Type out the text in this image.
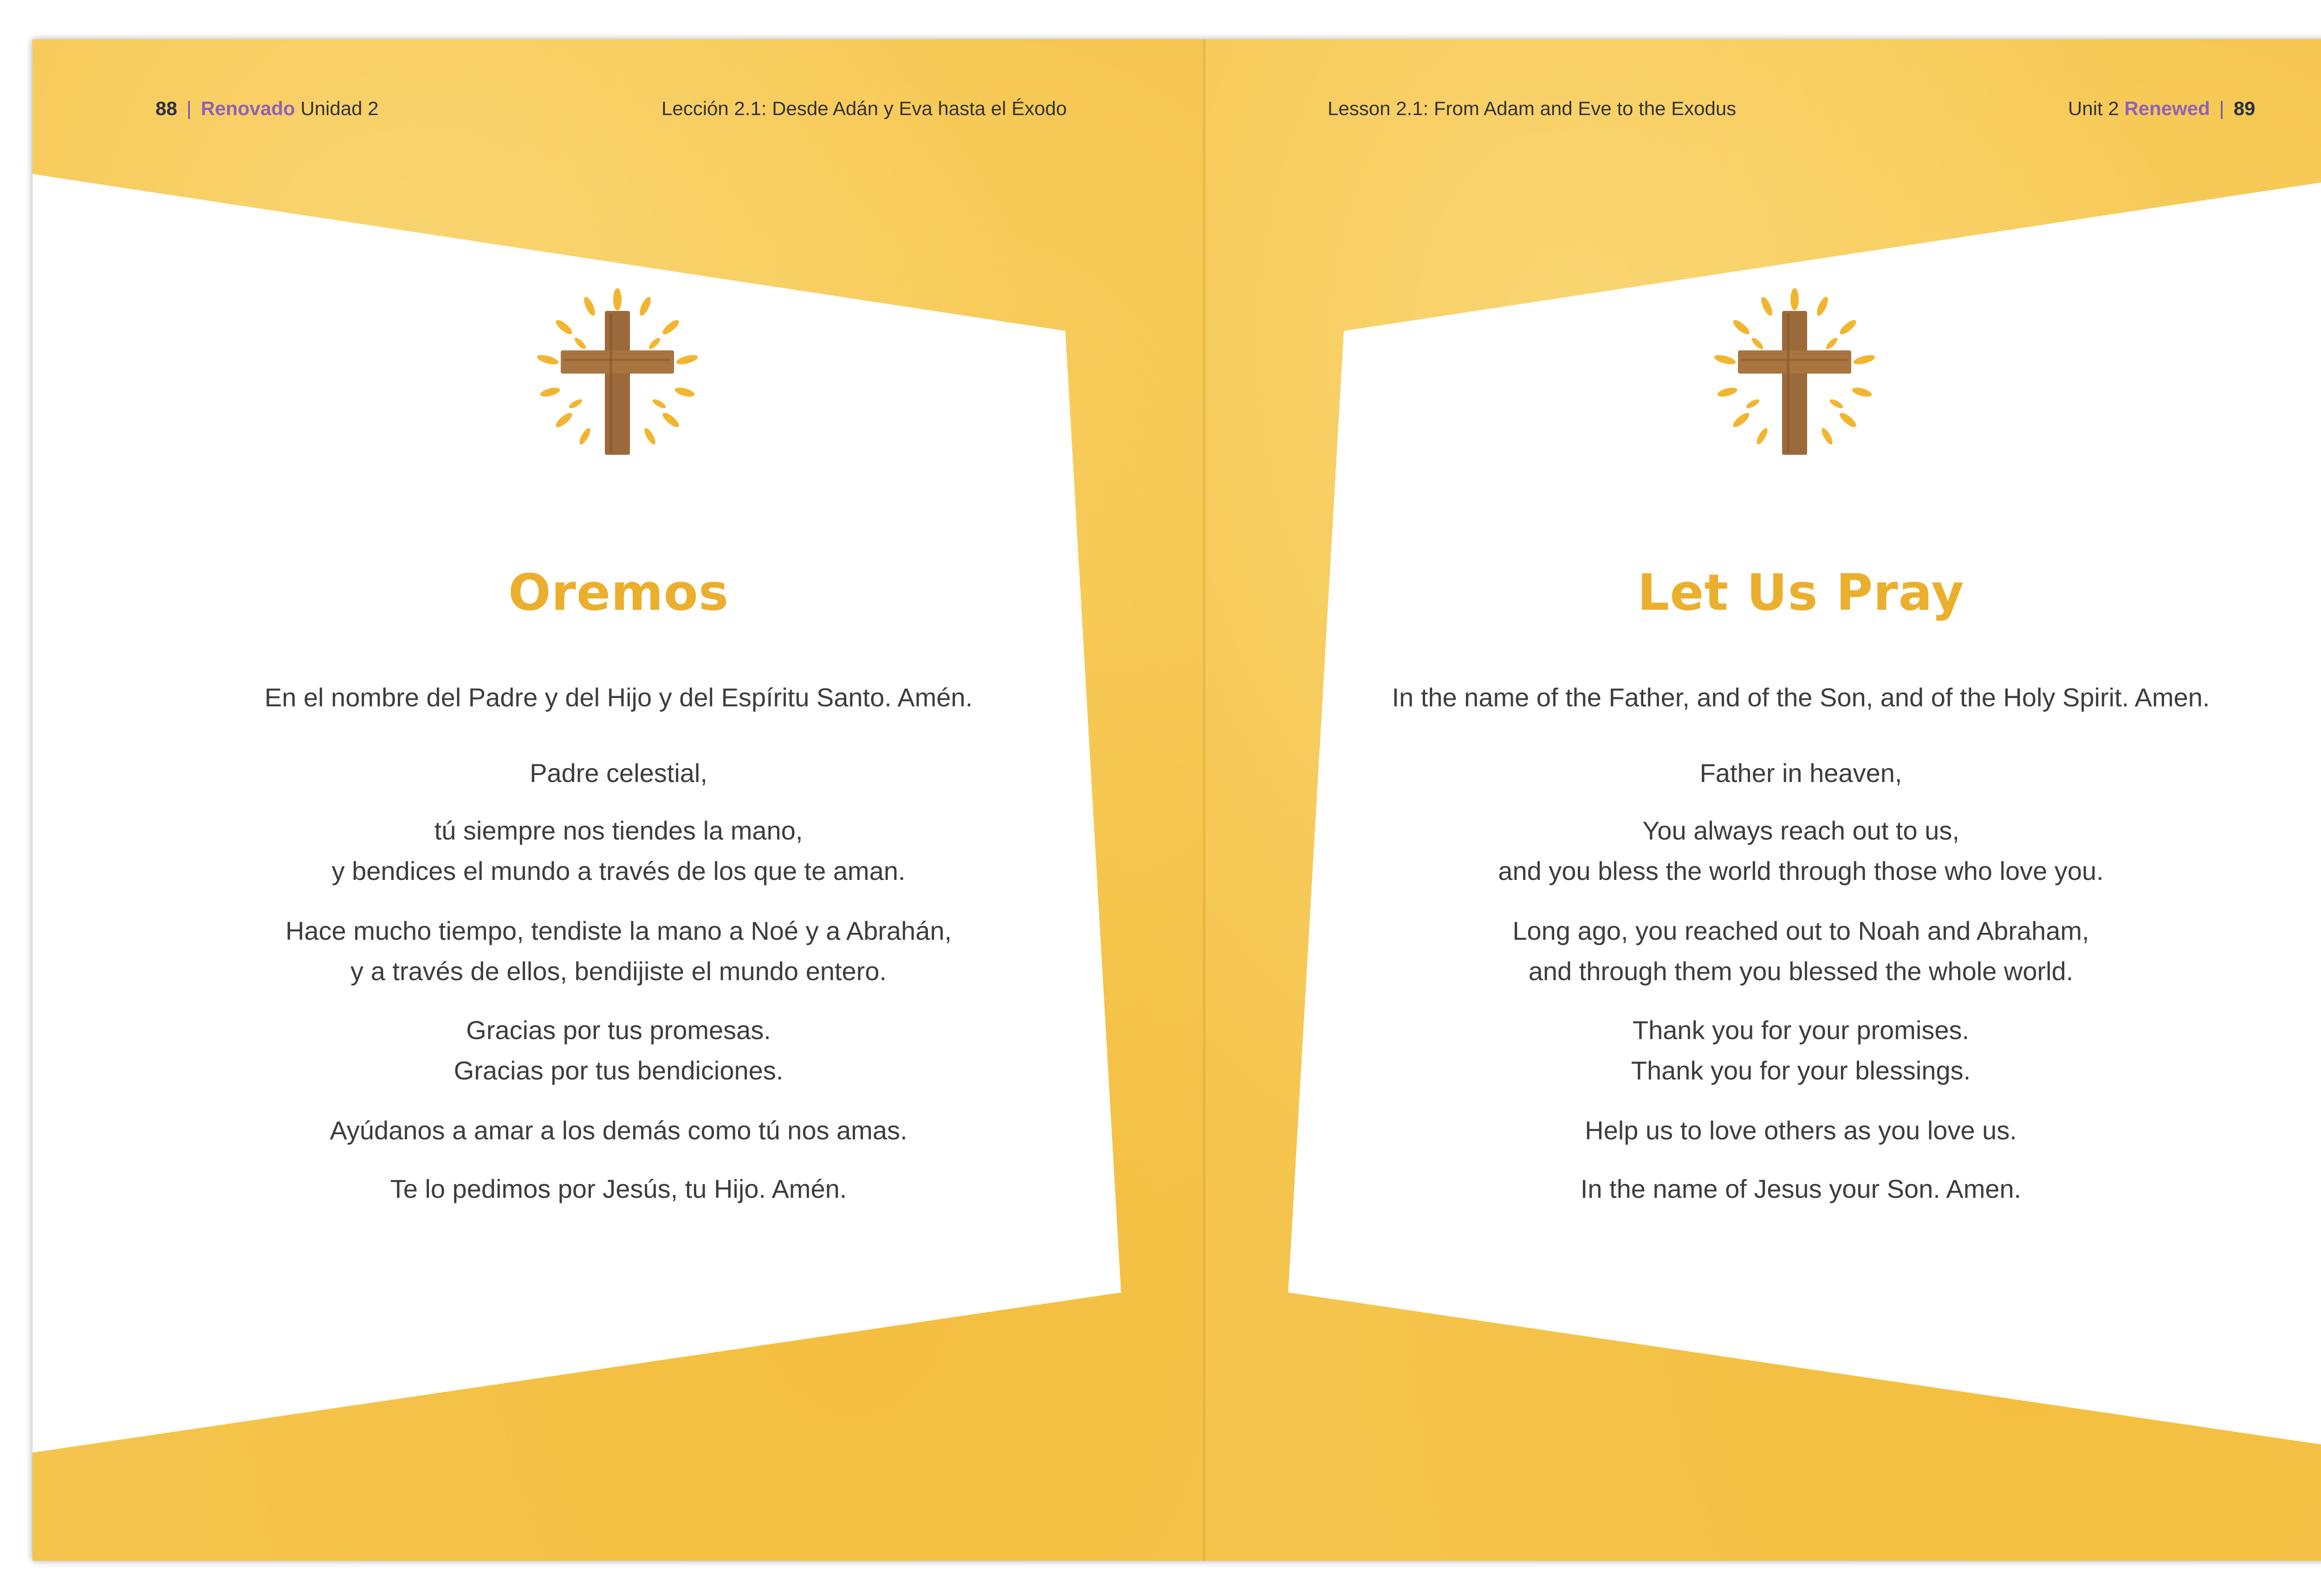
88 | Renovado Unidad 2	Lección 2.1: Desde Adán y Eva hasta el Éxodo
Oremos
En el nombre del Padre y del Hijo y del Espíritu Santo. Amén.
Padre celestial,
tú siempre nos tiendes la mano,
y bendices el mundo a través de los que te aman.
Hace mucho tiempo, tendiste la mano a Noé y a Abrahán,
y a través de ellos, bendijiste el mundo entero.
Gracias por tus promesas.
Gracias por tus bendiciones.
Ayúdanos a amar a los demás como tú nos amas.
Te lo pedimos por Jesús, tu Hijo. Amén.
Lesson 2.1: From Adam and Eve to the Exodus	Unit 2 Renewed | 89
Let Us Pray
In the name of the Father, and of the Son, and of the Holy Spirit. Amen.
Father in heaven,
You always reach out to us,
and you bless the world through those who love you.
Long ago, you reached out to Noah and Abraham,
and through them you blessed the whole world.
Thank you for your promises.
Thank you for your blessings.
Help us to love others as you love us.
In the name of Jesus your Son. Amen.
